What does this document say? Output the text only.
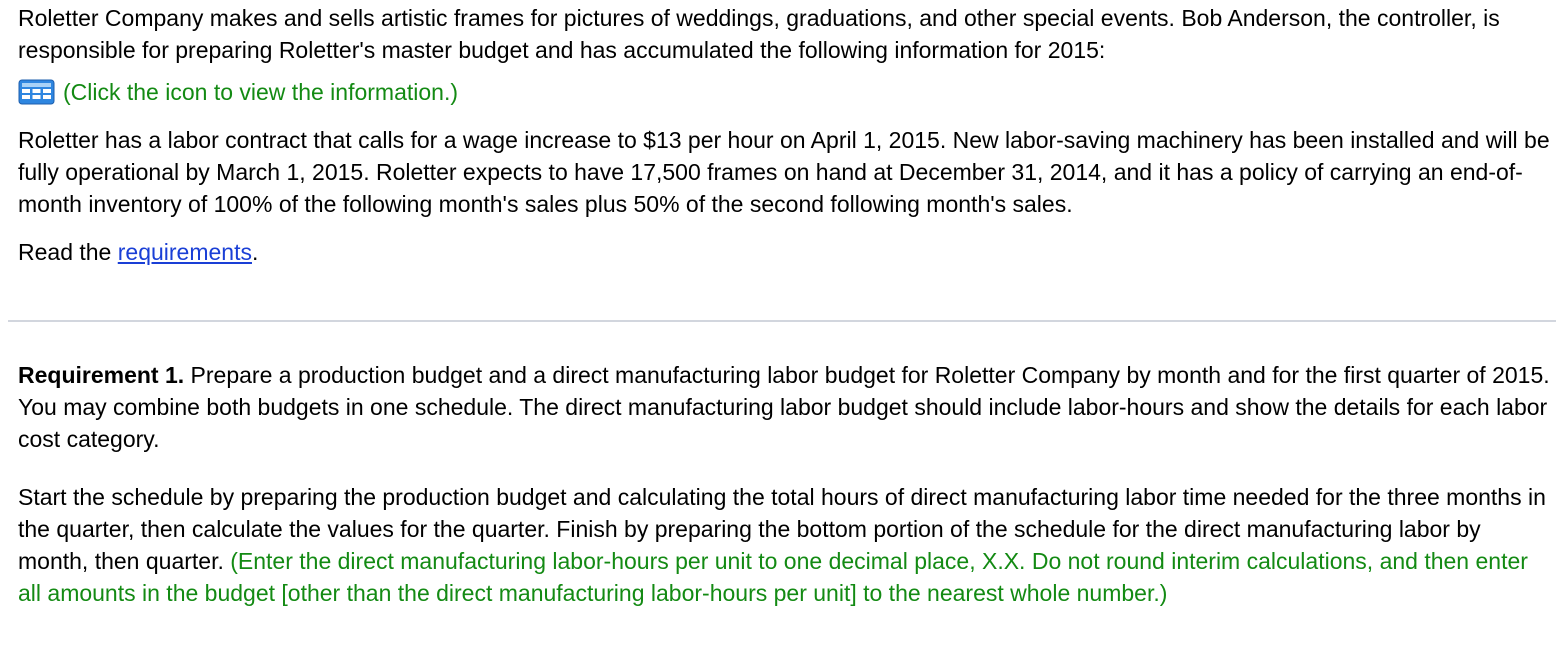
Roletter Company makes and sells artistic frames for pictures of weddings, graduations, and other special events. Bob Anderson, the controller, is responsible for preparing Roletter's master budget and has accumulated the following information for 2015:

(Click the icon to view the information.)

Roletter has a labor contract that calls for a wage increase to $13 per hour on April 1, 2015. New labor-saving machinery has been installed and will be fully operational by March 1, 2015. Roletter expects to have 17,500 frames on hand at December 31, 2014, and it has a policy of carrying an end-of-month inventory of 100% of the following month's sales plus 50% of the second following month's sales.

Read the requirements.

Requirement 1. Prepare a production budget and a direct manufacturing labor budget for Roletter Company by month and for the first quarter of 2015. You may combine both budgets in one schedule. The direct manufacturing labor budget should include labor-hours and show the details for each labor cost category.

Start the schedule by preparing the production budget and calculating the total hours of direct manufacturing labor time needed for the three months in the quarter, then calculate the values for the quarter. Finish by preparing the bottom portion of the schedule for the direct manufacturing labor by month, then quarter. (Enter the direct manufacturing labor-hours per unit to one decimal place, X.X. Do not round interim calculations, and then enter all amounts in the budget [other than the direct manufacturing labor-hours per unit] to the nearest whole number.)
